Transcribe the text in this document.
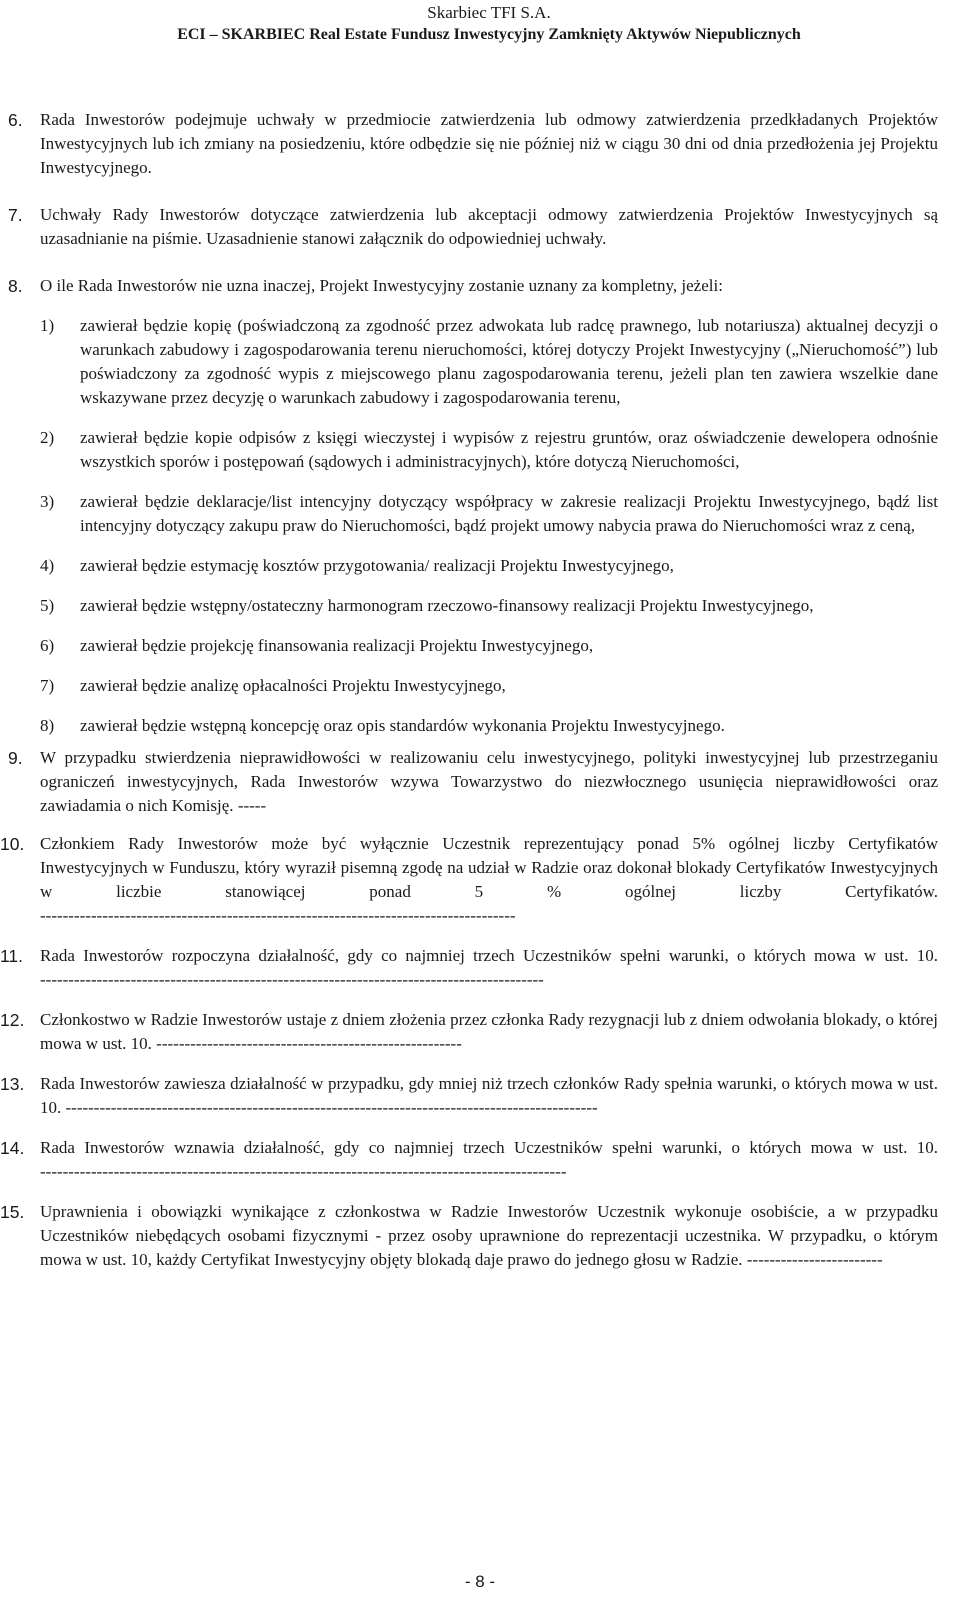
Skarbiec TFI S.A.
ECI – SKARBIEC Real Estate Fundusz Inwestycyjny Zamknięty Aktywów Niepublicznych
6. Rada Inwestorów podejmuje uchwały w przedmiocie zatwierdzenia lub odmowy zatwierdzenia przedkładanych Projektów Inwestycyjnych lub ich zmiany na posiedzeniu, które odbędzie się nie później niż w ciągu 30 dni od dnia przedłożenia jej Projektu Inwestycyjnego.
7. Uchwały Rady Inwestorów dotyczące zatwierdzenia lub akceptacji odmowy zatwierdzenia Projektów Inwestycyjnych są uzasadnianie na piśmie. Uzasadnienie stanowi załącznik do odpowiedniej uchwały.
8. O ile Rada Inwestorów nie uzna inaczej, Projekt Inwestycyjny zostanie uznany za kompletny, jeżeli:
1) zawierał będzie kopię (poświadczoną za zgodność przez adwokata lub radcę prawnego, lub notariusza) aktualnej decyzji o warunkach zabudowy i zagospodarowania terenu nieruchomości, której dotyczy Projekt Inwestycyjny („Nieruchomość”) lub poświadczony za zgodność wypis z miejscowego planu zagospodarowania terenu, jeżeli plan ten zawiera wszelkie dane wskazywane przez decyzję o warunkach zabudowy i zagospodarowania terenu,
2) zawierał będzie kopie odpisów z księgi wieczystej i wypisów z rejestru gruntów, oraz oświadczenie dewelopera odnośnie wszystkich sporów i postępowań (sądowych i administracyjnych), które dotyczą Nieruchomości,
3) zawierał będzie deklaracje/list intencyjny dotyczący współpracy w zakresie realizacji Projektu Inwestycyjnego, bądź list intencyjny dotyczący zakupu praw do Nieruchomości, bądź projekt umowy nabycia prawa do Nieruchomości wraz z ceną,
4) zawierał będzie estymację kosztów przygotowania/ realizacji Projektu Inwestycyjnego,
5) zawierał będzie wstępny/ostateczny harmonogram rzeczowo-finansowy realizacji Projektu Inwestycyjnego,
6) zawierał będzie projekcję finansowania realizacji Projektu Inwestycyjnego,
7) zawierał będzie analizę opłacalności Projektu Inwestycyjnego,
8) zawierał będzie wstępną koncepcję oraz opis standardów wykonania Projektu Inwestycyjnego.
9. W przypadku stwierdzenia nieprawidłowości w realizowaniu celu inwestycyjnego, polityki inwestycyjnej lub przestrzeganiu ograniczeń inwestycyjnych, Rada Inwestorów wzywa Towarzystwo do niezwłocznego usunięcia nieprawidłowości oraz zawiadamia o nich Komisję. -----
10. Członkiem Rady Inwestorów może być wyłącznie Uczestnik reprezentujący ponad 5% ogólnej liczby Certyfikatów Inwestycyjnych w Funduszu, który wyraził pisemną zgodę na udział w Radzie oraz dokonał blokady Certyfikatów Inwestycyjnych w liczbie stanowiącej ponad 5 % ogólnej liczby Certyfikatów. ------------------------------------------------------------------------------------
11. Rada Inwestorów rozpoczyna działalność, gdy co najmniej trzech Uczestników spełni warunki, o których mowa w ust. 10. -----------------------------------------------------------------------------------------
12. Członkostwo w Radzie Inwestorów ustaje z dniem złożenia przez członka Rady rezygnacji lub z dniem odwołania blokady, o której mowa w ust. 10. ------------------------------------------------------
13. Rada Inwestorów zawiesza działalność w przypadku, gdy mniej niż trzech członków Rady spełnia warunki, o których mowa w ust. 10. ----------------------------------------------------------------------------------------------
14. Rada Inwestorów wznawia działalność, gdy co najmniej trzech Uczestników spełni warunki, o których mowa w ust. 10. ---------------------------------------------------------------------------------------------
15. Uprawnienia i obowiązki wynikające z członkostwa w Radzie Inwestorów Uczestnik wykonuje osobiście, a w przypadku Uczestników niebędących osobami fizycznymi - przez osoby uprawnione do reprezentacji uczestnika. W przypadku, o którym mowa w ust. 10, każdy Certyfikat Inwestycyjny objęty blokadą daje prawo do jednego głosu w Radzie. ------------------------
- 8 -
